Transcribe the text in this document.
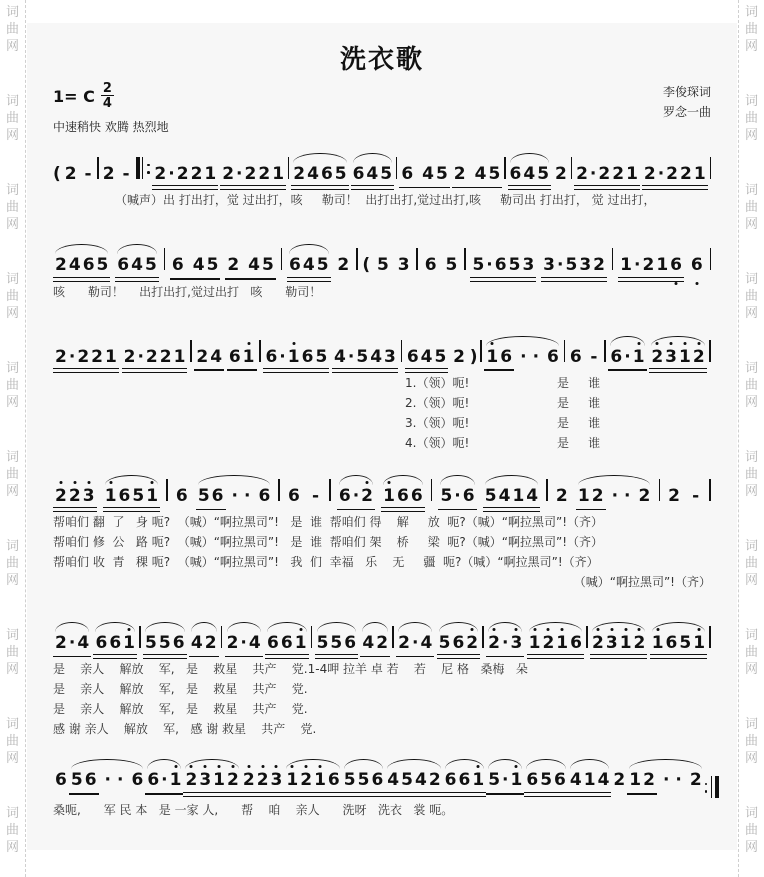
词
曲
网
词
曲
网
词
曲
网
词
曲
网
词
曲
网
词
曲
网
词
曲
网
词
曲
网
词
曲
网
词
曲
网
词
曲
网
词
曲
网
词
曲
网
词
曲
网
词
曲
网
词
曲
网
词
曲
网
词
曲
网
词
曲
网
词
曲
网
洗衣歌
1= C $\frac{2}{4}$
中速稍快 欢腾 热烈地
李俊琛词
罗念一曲
( 2 - 2 - 2 · 2 2 1 2 · 2 2 1 2 4 6 5 6 4 5 6 4 5 2 4 5 6 4 5 2 2 · 2 2 1 2 · 2 2 1
（喊声）出 打出打，觉 过出打，咳     勒司！  出打出打,觉过出打,咳     勒司出 打出打， 觉 过出打，
2 4 6 5 6 4 5 6 4 5 2 4 5 6 4 5 2 ( 5 3 6 5 5 · 6 5 3 3 · 5 3 2 1 · 2 1 6 6
咳      勒司！    出打出打,觉过出打   咳      勒司！
2 · 2 2 1 2 · 2 2 1 2 4 6 1 6 · 1 6 5 4 · 5 4 3 6 4 5 2 ) 1 6 · · 6 6 - 6 · 1 2 3 1 2
1.（领）呃!                       是     谁
2.（领）呃!                       是     谁
3.（领）呃!                       是     谁
4.（领）呃!                       是     谁
2 2 3 1 6 5 1 6 5 6 · · 6 6 - 6 · 2 1 6 6 5 · 6 5 4 1 4 2 1 2 · · 2 2 -
帮咱们 翻  了   身 呃?  （喊）“啊拉黑司”!   是  谁  帮咱们 得    解     放  呃?（喊）“啊拉黑司”!（齐）
帮咱们 修  公   路 呃?  （喊）“啊拉黑司”!   是  谁  帮咱们 架    桥     梁  呃?（喊）“啊拉黑司”!（齐）
帮咱们 收  青   稞 呃?  （喊）“啊拉黑司”!   我  们  幸福   乐    无     疆  呃?（喊）“啊拉黑司”!（齐）
（喊）“啊拉黑司”!（齐）
2 · 4 6 6 1 5 5 6 4 2 2 · 4 6 6 1 5 5 6 4 2 2 · 4 5 6 2 2 · 3 1 2 1 6 2 3 1 2 1 6 5 1
是    亲人    解放    军,   是    救星    共产    党.1-4呷 拉羊 卓 若    若    尼 格   桑梅   朵
是    亲人    解放    军,   是    救星    共产    党.
是    亲人    解放    军,   是    救星    共产    党.
感 谢 亲人    解放    军,   感 谢 救星    共产    党.
6 5 6 · · 6 6 · 1 2 3 1 2 2 2 3 1 2 1 6 5 5 6 4 5 4 2 6 6 1 5 · 1 6 5 6 4 1 4 2 1 2 · · 2
桑呃,      军 民 本   是 一家 人,      帮    咱    亲人      洗呀   洗衣   裳 呃。
